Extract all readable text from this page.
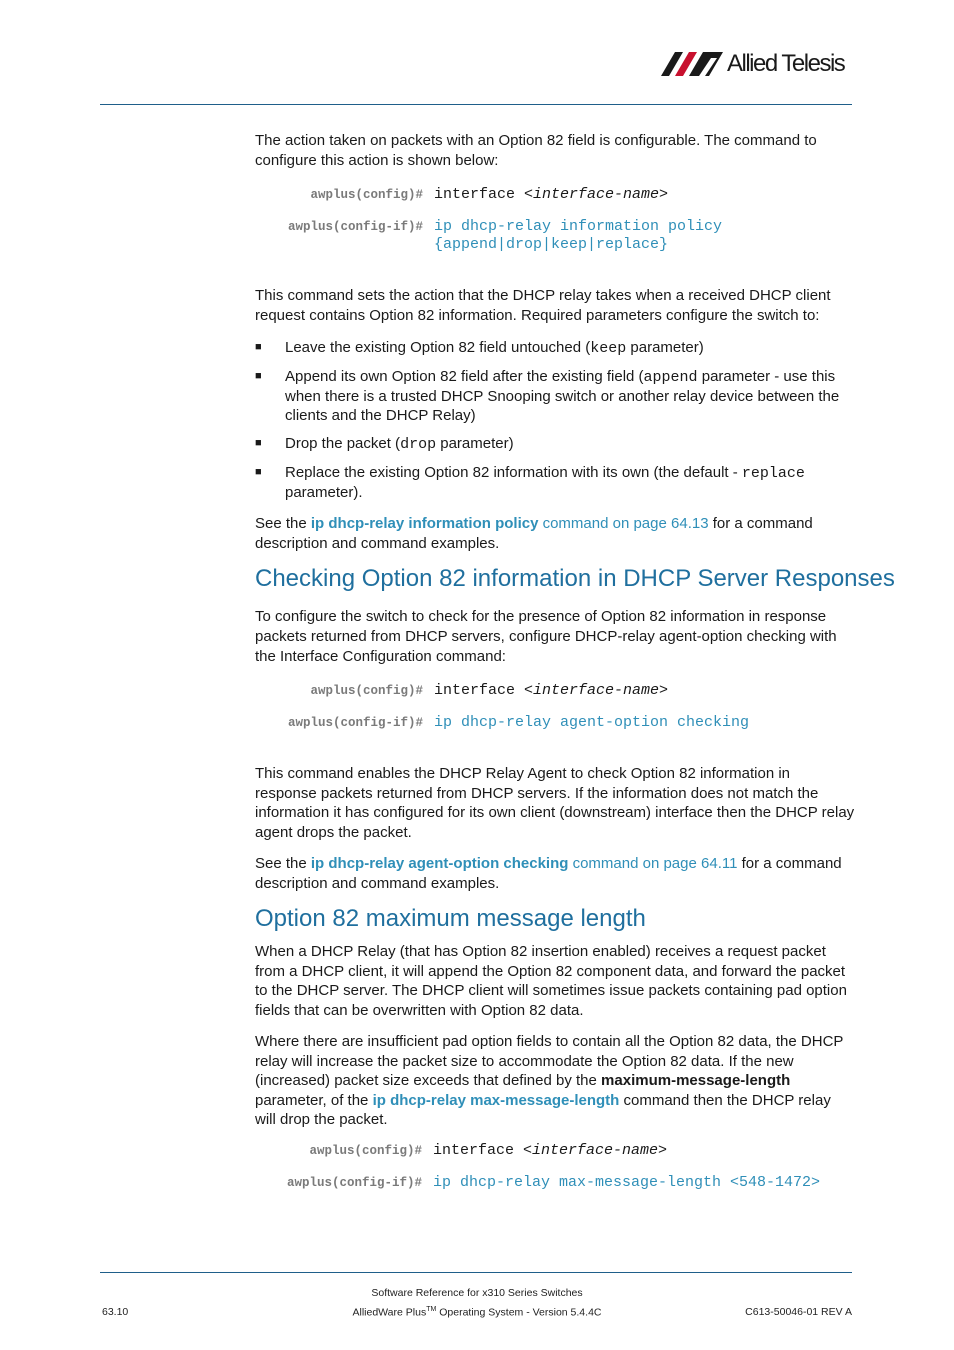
Allied Telesis

The action taken on packets with an Option 82 field is configurable. The command to configure this action is shown below:

awplus(config)# interface <interface-name>
awplus(config-if)# ip dhcp-relay information policy
{append|drop|keep|replace}

This command sets the action that the DHCP relay takes when a received DHCP client request contains Option 82 information. Required parameters configure the switch to:

■ Leave the existing Option 82 field untouched (keep parameter)
■ Append its own Option 82 field after the existing field (append parameter - use this when there is a trusted DHCP Snooping switch or another relay device between the clients and the DHCP Relay)
■ Drop the packet (drop parameter)
■ Replace the existing Option 82 information with its own (the default - replace parameter).

See the ip dhcp-relay information policy command on page 64.13 for a command description and command examples.

Checking Option 82 information in DHCP Server Responses

To configure the switch to check for the presence of Option 82 information in response packets returned from DHCP servers, configure DHCP-relay agent-option checking with the Interface Configuration command:

awplus(config)# interface <interface-name>
awplus(config-if)# ip dhcp-relay agent-option checking

This command enables the DHCP Relay Agent to check Option 82 information in response packets returned from DHCP servers. If the information does not match the information it has configured for its own client (downstream) interface then the DHCP relay agent drops the packet.

See the ip dhcp-relay agent-option checking command on page 64.11 for a command description and command examples.

Option 82 maximum message length

When a DHCP Relay (that has Option 82 insertion enabled) receives a request packet from a DHCP client, it will append the Option 82 component data, and forward the packet to the DHCP server. The DHCP client will sometimes issue packets containing pad option fields that can be overwritten with Option 82 data.

Where there are insufficient pad option fields to contain all the Option 82 data, the DHCP relay will increase the packet size to accommodate the Option 82 data. If the new (increased) packet size exceeds that defined by the maximum-message-length parameter, of the ip dhcp-relay max-message-length command then the DHCP relay will drop the packet.

awplus(config)# interface <interface-name>
awplus(config-if)# ip dhcp-relay max-message-length <548-1472>
Software Reference for x310 Series Switches
63.10	AlliedWare Plus™ Operating System - Version 5.4.4C	C613-50046-01 REV A
